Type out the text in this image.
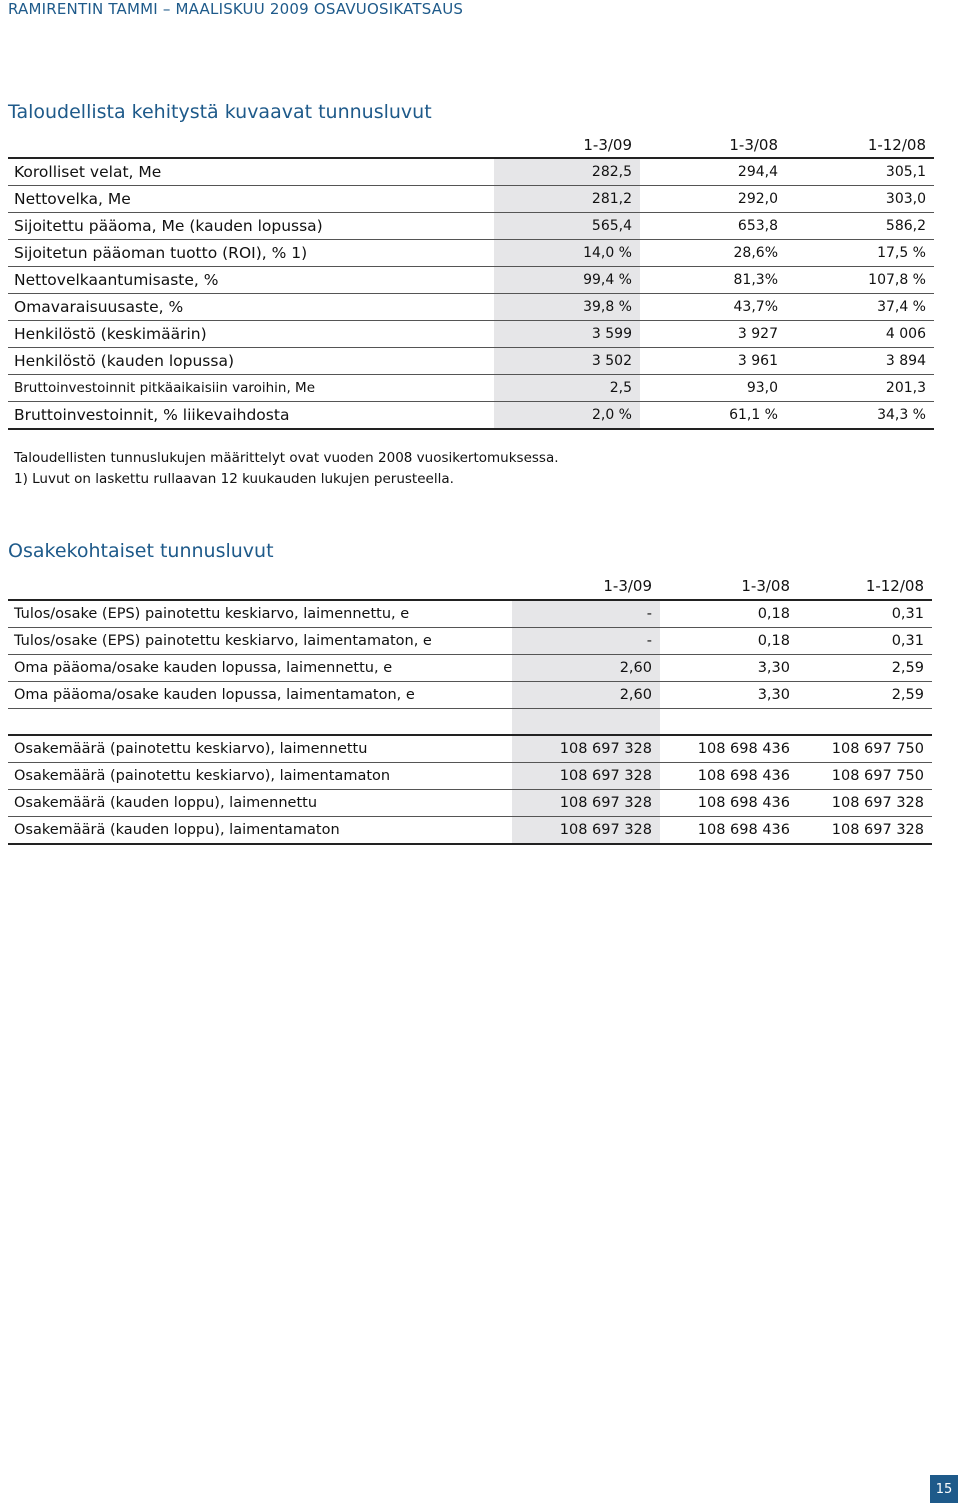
RAMIRENTIN TAMMI – MAALISKUU 2009 OSAVUOSIKATSAUS
Taloudellista kehitystä kuvaavat tunnusluvut
	1-3/09	1-3/08	1-12/08
Korolliset velat, Me	282,5	294,4	305,1
Nettovelka, Me	281,2	292,0	303,0
Sijoitettu pääoma, Me (kauden lopussa)	565,4	653,8	586,2
Sijoitetun pääoman tuotto (ROI), % 1)	14,0 %	28,6%	17,5 %
Nettovelkaantumisaste, %	99,4 %	81,3%	107,8 %
Omavaraisuusaste, %	39,8 %	43,7%	37,4 %
Henkilöstö (keskimäärin)	3 599	3 927	4 006
Henkilöstö (kauden lopussa)	3 502	3 961	3 894
Bruttoinvestoinnit pitkäaikaisiin varoihin, Me	2,5	93,0	201,3
Bruttoinvestoinnit, % liikevaihdosta	2,0 %	61,1 %	34,3 %
Taloudellisten tunnuslukujen määrittelyt ovat vuoden 2008 vuosikertomuksessa.
1) Luvut on laskettu rullaavan 12 kuukauden lukujen perusteella.
Osakekohtaiset tunnusluvut
	1-3/09	1-3/08	1-12/08
Tulos/osake (EPS) painotettu keskiarvo, laimennettu, e	-	0,18	0,31
Tulos/osake (EPS) painotettu keskiarvo, laimentamaton, e	-	0,18	0,31
Oma pääoma/osake kauden lopussa, laimennettu, e	2,60	3,30	2,59
Oma pääoma/osake kauden lopussa, laimentamaton, e	2,60	3,30	2,59

Osakemäärä (painotettu keskiarvo), laimennettu	108 697 328	108 698 436	108 697 750
Osakemäärä (painotettu keskiarvo), laimentamaton	108 697 328	108 698 436	108 697 750
Osakemäärä (kauden loppu), laimennettu	108 697 328	108 698 436	108 697 328
Osakemäärä (kauden loppu), laimentamaton	108 697 328	108 698 436	108 697 328
15
